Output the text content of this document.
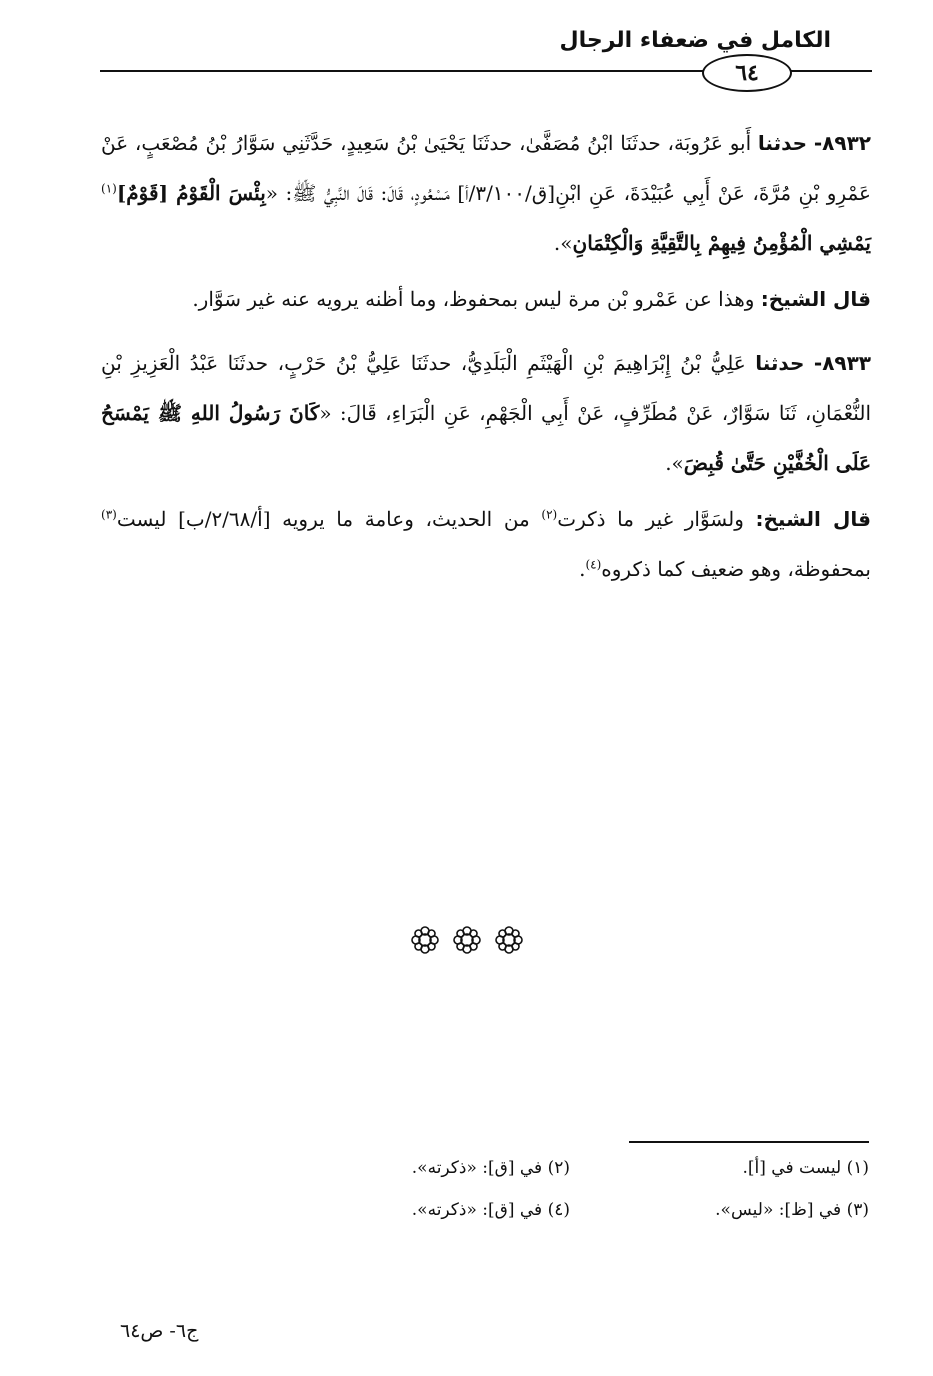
الكامل في ضعفاء الرجال
٦٤

٨٩٣٢- حدثنا أَبو عَرُوبَة، حدثَنَا ابْنُ مُصَفَّىٰ، حدثَنَا يَحْيَىٰ بْنُ سَعِيدٍ، حَدَّثَنِي سَوَّارُ بْنُ مُصْعَبٍ، عَنْ عَمْرِو بْنِ مُرَّةَ، عَنْ أَبِي عُبَيْدَةَ، عَنِ ابْنِ[ق/٣/١٠٠/أ] مَسْعُودٍ، قَالَ: قَالَ النَّبِيُّ ﷺ: «بِئْسَ الْقَوْمُ [قَوْمٌ]$^{(١)}$ يَمْشِي الْمُؤْمِنُ فِيهِمْ بِالتَّقِيَّةِ وَالْكِتْمَانِ».

قال الشيخ: وهذا عن عَمْرو بْن مرة ليس بمحفوظ، وما أظنه يرويه عنه غير سَوَّار.

٨٩٣٣- حدثنا عَلِيُّ بْنُ إِبْرَاهِيمَ بْنِ الْهَيْثَمِ الْبَلَدِيُّ، حدثَنَا عَلِيُّ بْنُ حَرْبٍ، حدثَنَا عَبْدُ الْعَزِيزِ بْنِ النُّعْمَانِ، ثَنَا سَوَّارٌ، عَنْ مُطَرِّفٍ، عَنْ أَبِي الْجَهْمِ، عَنِ الْبَرَاءِ، قَالَ: «كَانَ رَسُولُ اللهِ ﷺ يَمْسَحُ عَلَى الْخُفَّيْنِ حَتَّىٰ قُبِضَ».

قال الشيخ: ولسَوَّار غير ما ذكرت$^{(٢)}$ من الحديث، وعامة ما يرويه [أ/٢/٦٨/ب] ليست$^{(٣)}$ بمحفوظة، وهو ضعيف كما ذكروه$^{(٤)}$.

(١) ليست في [أ].
(٢) في [ق]: «ذكرته».
(٣) في [ظ]: «ليس».
(٤) في [ق]: «ذكرته».
ج٦- ص٦٤
